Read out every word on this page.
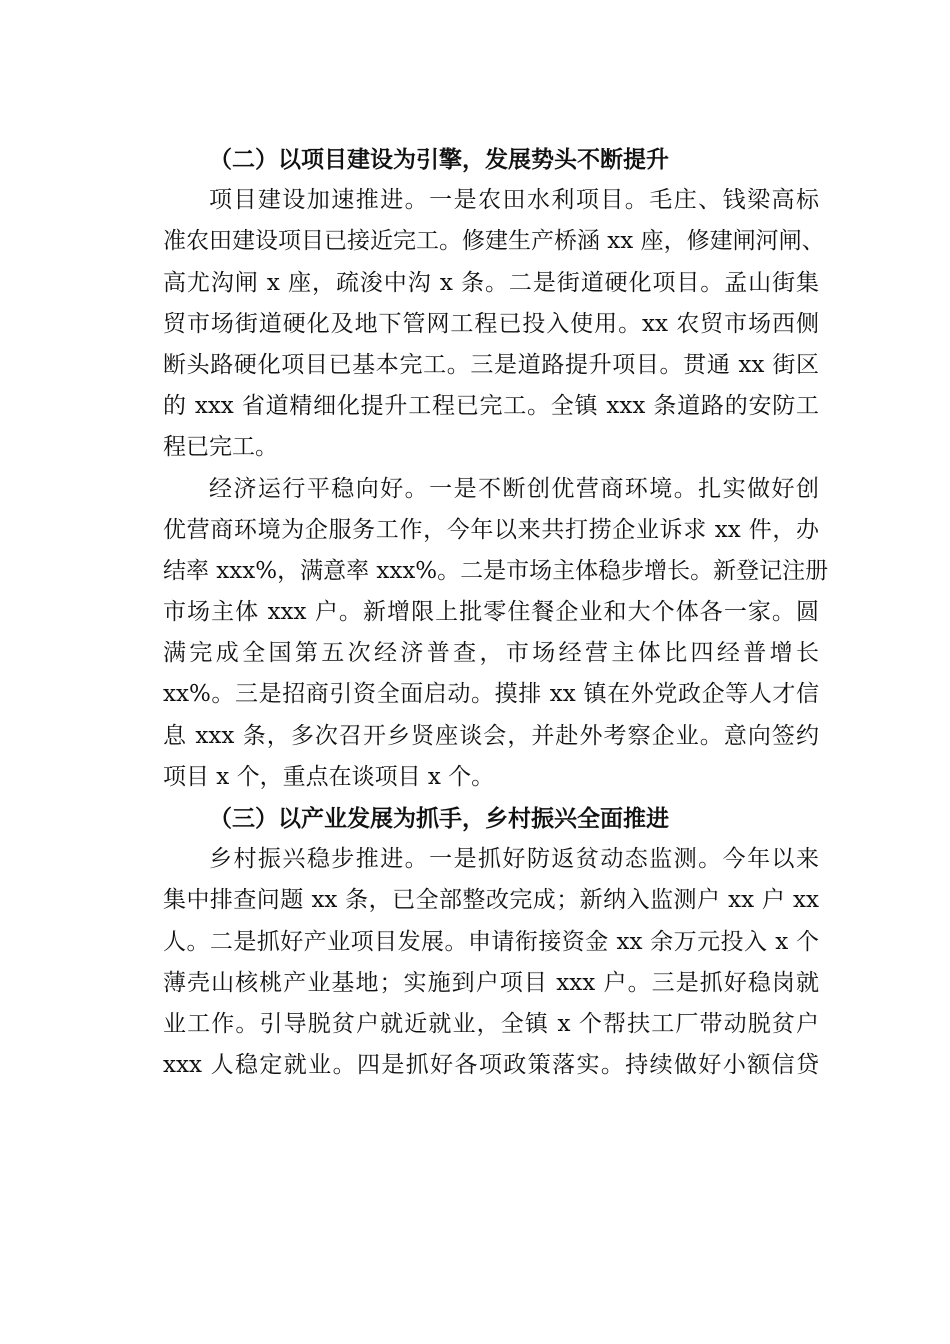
（二）以项目建设为引擎，发展势头不断提升
项目建设加速推进。一是农田水利项目。毛庄、钱梁高标
准农田建设项目已接近完工。修建生产桥涵 xx 座，修建闸河闸、
高尤沟闸 x 座，疏浚中沟 x 条。二是街道硬化项目。孟山街集
贸市场街道硬化及地下管网工程已投入使用。xx 农贸市场西侧
断头路硬化项目已基本完工。三是道路提升项目。贯通 xx 街区
的 xxx 省道精细化提升工程已完工。全镇 xxx 条道路的安防工
程已完工。
经济运行平稳向好。一是不断创优营商环境。扎实做好创
优营商环境为企服务工作，今年以来共打捞企业诉求 xx 件，办
结率 xxx%，满意率 xxx%。二是市场主体稳步增长。新登记注册
市场主体 xxx 户。新增限上批零住餐企业和大个体各一家。圆
满完成全国第五次经济普查，市场经营主体比四经普增长
xx%。三是招商引资全面启动。摸排 xx 镇在外党政企等人才信
息 xxx 条，多次召开乡贤座谈会，并赴外考察企业。意向签约
项目 x 个，重点在谈项目 x 个。
（三）以产业发展为抓手，乡村振兴全面推进
乡村振兴稳步推进。一是抓好防返贫动态监测。今年以来
集中排查问题 xx 条，已全部整改完成；新纳入监测户 xx 户 xx
人。二是抓好产业项目发展。申请衔接资金 xx 余万元投入 x 个
薄壳山核桃产业基地；实施到户项目 xxx 户。三是抓好稳岗就
业工作。引导脱贫户就近就业，全镇 x 个帮扶工厂带动脱贫户
xxx 人稳定就业。四是抓好各项政策落实。持续做好小额信贷
